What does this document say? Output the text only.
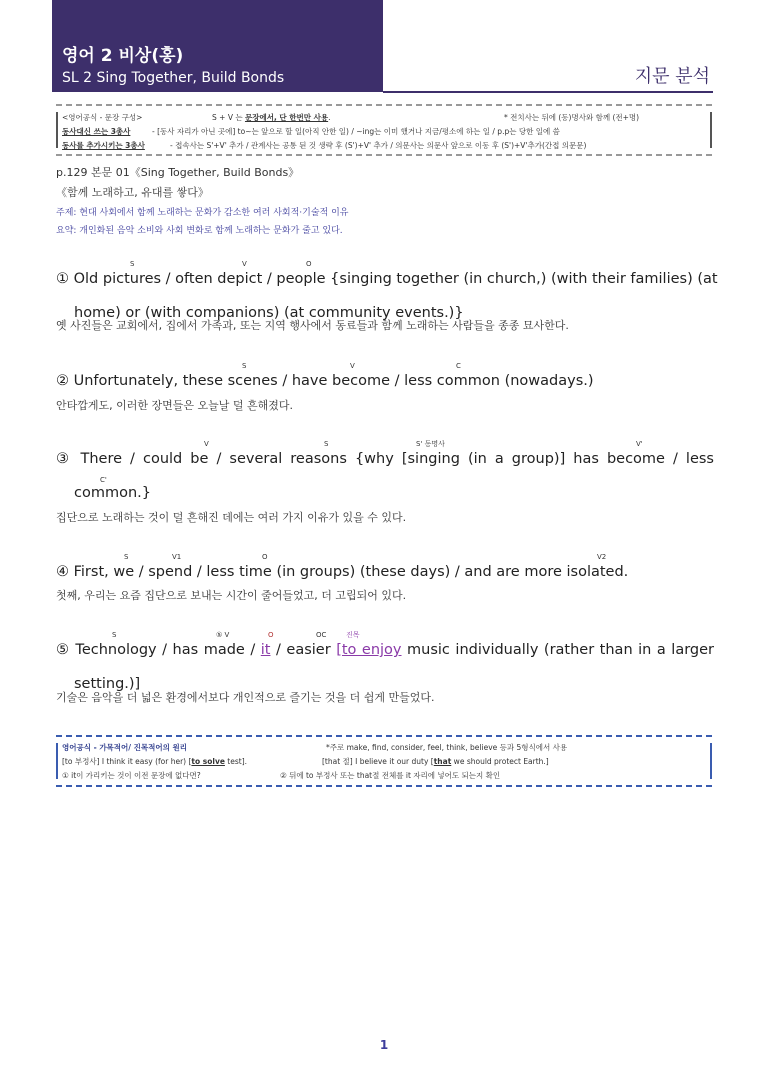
영어 2 비상(홍)
SL 2 Sing Together, Build Bonds	지문 분석
<영어공식 - 문장 구성>	S + V 는 문장에서, 단 한번만 사용.	* 전치사는 뒤에 (동)명사와 함께 (전+명)
동사대신 쓰는 3총사	- [동사 자리가 아닌 곳에] to~는 앞으로 할 일(아직 안한 일) / ~ing는 이미 했거나 지금/평소에 하는 일 / p.p는 당한 일에 씀
동사를 추가시키는 3총사	- 접속사는 S'+V' 추가 / 관계사는 공통 된 것 생략 후 (S')+V' 추가 / 의문사는 의문사 앞으로 이동 후 (S')+V'추가(간접 의문문)
p.129 본문 01《Sing Together, Build Bonds》
《함께 노래하고, 유대를 쌓다》
주제: 현대 사회에서 함께 노래하는 문화가 감소한 여러 사회적·기술적 이유
요약: 개인화된 음악 소비와 사회 변화로 함께 노래하는 문화가 줄고 있다.
S	V	O
① Old pictures / often depict / people {singing together (in church,) (with their families) (at
home) or (with companions) (at community events.)}
옛 사진들은 교회에서, 집에서 가족과, 또는 지역 행사에서 동료들과 함께 노래하는 사람들을 종종 묘사한다.
S	V	C
② Unfortunately, these scenes / have become / less common (nowadays.)
안타깝게도, 이러한 장면들은 오늘날 덜 흔해졌다.
V	S	S' 동명사	V'
C'
③ There / could be / several reasons {why [singing (in a group)] has become / less
common.}
집단으로 노래하는 것이 덜 흔해진 데에는 여러 가지 이유가 있을 수 있다.
S	V1	O	V2
④ First, we / spend / less time (in groups) (these days) / and are more isolated.
첫째, 우리는 요즘 집단으로 보내는 시간이 줄어들었고, 더 고립되어 있다.
S	⑤ V	O	OC	진목
⑤ Technology / has made / it / easier [to enjoy music individually (rather than in a larger
setting.)]
기술은 음악을 더 넓은 환경에서보다 개인적으로 즐기는 것을 더 쉽게 만들었다.
영어공식 - 가목적어/ 진목적어의 원리	*주로 make, find, consider, feel, think, believe 등과 5형식에서 사용
[to 부정사] I think it easy (for her) [to solve test].	[that 절] I believe it our duty [that we should protect Earth.]
① it이 가리키는 것이 이전 문장에 없다면?	② 뒤에 to 부정사 또는 that절 전체를 it 자리에 넣어도 되는지 확인
1
